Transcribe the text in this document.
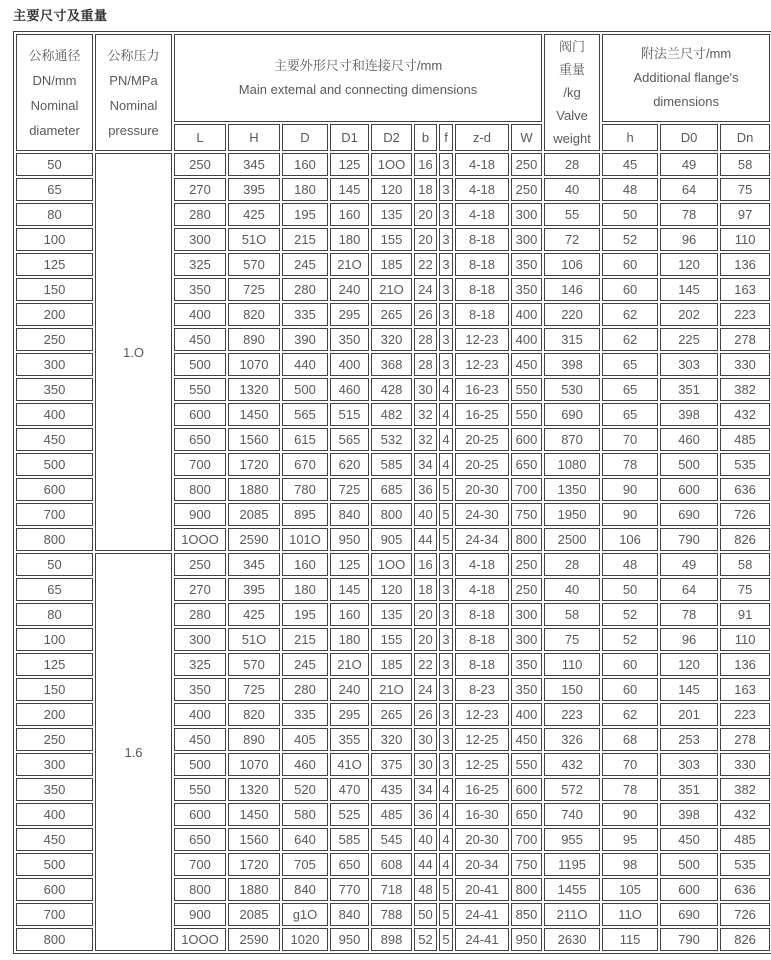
主要尺寸及重量
公称通径
DN/mm
Nominal
diameter	公称压力
PN/MPa
Nominal
pressure	主要外形尺寸和连接尺寸/mm
Main extemal and connecting dimensions									阀门
重量
/kg
Valve
weight	附法兰尺寸/mm
Additional flange's
dimensions		
		L	H	D	D1	D2	b	f	z-d	W		h	D0	Dn
50	1.O	250	345	160	125	1OO	16	3	4-18	250	28	45	49	58
65		270	395	180	145	120	18	3	4-18	250	40	48	64	75
80		280	425	195	160	135	20	3	4-18	300	55	50	78	97
100		300	51O	215	180	155	20	3	8-18	300	72	52	96	110
125		325	570	245	21O	185	22	3	8-18	350	106	60	120	136
150		350	725	280	240	21O	24	3	8-18	350	146	60	145	163
200		400	820	335	295	265	26	3	8-18	400	220	62	202	223
250		450	890	390	350	320	28	3	12-23	400	315	62	225	278
300		500	1070	440	400	368	28	3	12-23	450	398	65	303	330
350		550	1320	500	460	428	30	4	16-23	550	530	65	351	382
400		600	1450	565	515	482	32	4	16-25	550	690	65	398	432
450		650	1560	615	565	532	32	4	20-25	600	870	70	460	485
500		700	1720	670	620	585	34	4	20-25	650	1080	78	500	535
600		800	1880	780	725	685	36	5	20-30	700	1350	90	600	636
700		900	2085	895	840	800	40	5	24-30	750	1950	90	690	726
800		1OOO	2590	101O	950	905	44	5	24-34	800	2500	106	790	826
50	1.6	250	345	160	125	1OO	16	3	4-18	250	28	48	49	58
65		270	395	180	145	120	18	3	4-18	250	40	50	64	75
80		280	425	195	160	135	20	3	8-18	300	58	52	78	91
100		300	51O	215	180	155	20	3	8-18	300	75	52	96	110
125		325	570	245	21O	185	22	3	8-18	350	110	60	120	136
150		350	725	280	240	21O	24	3	8-23	350	150	60	145	163
200		400	820	335	295	265	26	3	12-23	400	223	62	201	223
250		450	890	405	355	320	30	3	12-25	450	326	68	253	278
300		500	1070	460	41O	375	30	3	12-25	550	432	70	303	330
350		550	1320	520	470	435	34	4	16-25	600	572	78	351	382
400		600	1450	580	525	485	36	4	16-30	650	740	90	398	432
450		650	1560	640	585	545	40	4	20-30	700	955	95	450	485
500		700	1720	705	650	608	44	4	20-34	750	1195	98	500	535
600		800	1880	840	770	718	48	5	20-41	800	1455	105	600	636
700		900	2085	g1O	840	788	50	5	24-41	850	211O	11O	690	726
800		1OOO	2590	1020	950	898	52	5	24-41	950	2630	115	790	826
